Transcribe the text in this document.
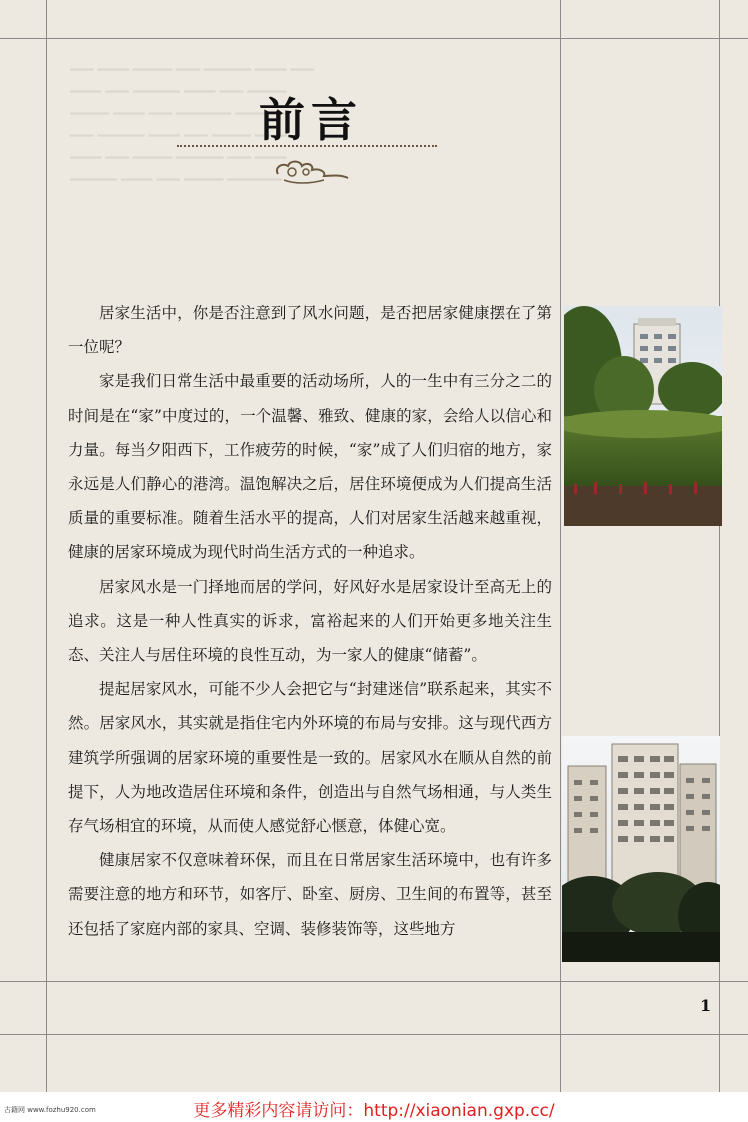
━━━ ━━━━ ━━━━━ ━━━ ━━━━━━ ━━━━ ━━━
━━━━ ━━━ ━━━━━━ ━━━━ ━━━ ━━━━━
━━━━━ ━━━━ ━━━ ━━━━━━━ ━━━━ ━━
━━━ ━━━━━━ ━━━━ ━━━ ━━━━━ ━━━━
━━━━ ━━━ ━━━━━ ━━━━━━ ━━━ ━━━━
━━━━━━ ━━━━ ━━━ ━━━━━ ━━━━━━━
前言

居家生活中，你是否注意到了风水问题，是否把居家健康摆在了第一位呢？

家是我们日常生活中最重要的活动场所，人的一生中有三分之二的时间是在“家”中度过的，一个温馨、雅致、健康的家，会给人以信心和力量。每当夕阳西下，工作疲劳的时候，“家”成了人们归宿的地方，家永远是人们静心的港湾。温饱解决之后，居住环境便成为人们提高生活质量的重要标准。随着生活水平的提高，人们对居家生活越来越重视，健康的居家环境成为现代时尚生活方式的一种追求。

居家风水是一门择地而居的学问，好风好水是居家设计至高无上的追求。这是一种人性真实的诉求，富裕起来的人们开始更多地关注生态、关注人与居住环境的良性互动，为一家人的健康“储蓄”。

提起居家风水，可能不少人会把它与“封建迷信”联系起来，其实不然。居家风水，其实就是指住宅内外环境的布局与安排。这与现代西方建筑学所强调的居家环境的重要性是一致的。居家风水在顺从自然的前提下，人为地改造居住环境和条件，创造出与自然气场相通，与人类生存气场相宜的环境，从而使人感觉舒心惬意，体健心宽。

健康居家不仅意味着环保，而且在日常居家生活环境中，也有许多需要注意的地方和环节，如客厅、卧室、厨房、卫生间的布置等，甚至还包括了家庭内部的家具、空调、装修装饰等，这些地方

1
古籍网 www.fozhu920.com	更多精彩内容请访问：http://xiaonian.gxp.cc/
